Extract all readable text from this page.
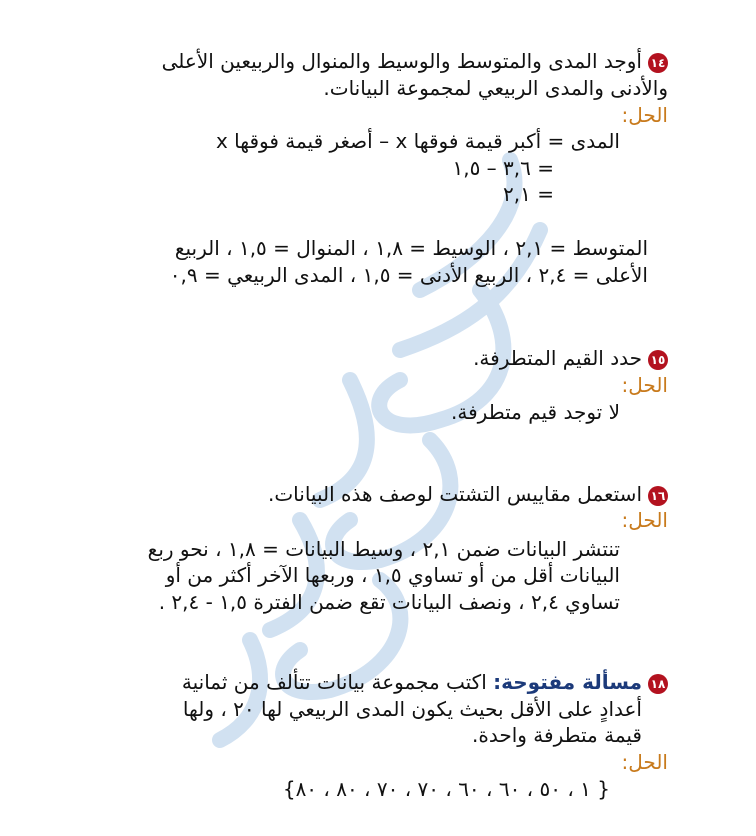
١٤أوجد المدى والمتوسط والوسيط والمنوال والربيعين الأعلى
والأدنى والمدى الربيعي لمجموعة البيانات.
الحل:
المدى = أكبر قيمة فوقها x – أصغر قيمة فوقها x
= ٣,٦ – ١,٥
= ٢,١
المتوسط = ٢,١ ، الوسيط = ١,٨ ، المنوال = ١,٥ ، الربيع
الأعلى = ٢,٤ ، الربيع الأدنى = ١,٥ ، المدى الربيعي = ٠,٩
١٥حدد القيم المتطرفة.
الحل:
لا توجد قيم متطرفة.
١٦استعمل مقاييس التشتت لوصف هذه البيانات.
الحل:
تنتشر البيانات ضمن ٢,١ ، وسيط البيانات = ١,٨ ، نحو ربع
البيانات أقل من أو تساوي ١,٥ ، وربعها الآخر أكثر من أو
تساوي ٢,٤ ، ونصف البيانات تقع ضمن الفترة ١,٥ - ٢,٤ .
١٨مسألة مفتوحة: اكتب مجموعة بيانات تتألف من ثمانية
أعدادٍ على الأقل بحيث يكون المدى الربيعي لها ٢٠ ، ولها
قيمة متطرفة واحدة.
الحل:
{ ١ ، ٥٠ ، ٦٠ ، ٦٠ ، ٧٠ ، ٧٠ ، ٨٠ ، ٨٠}
